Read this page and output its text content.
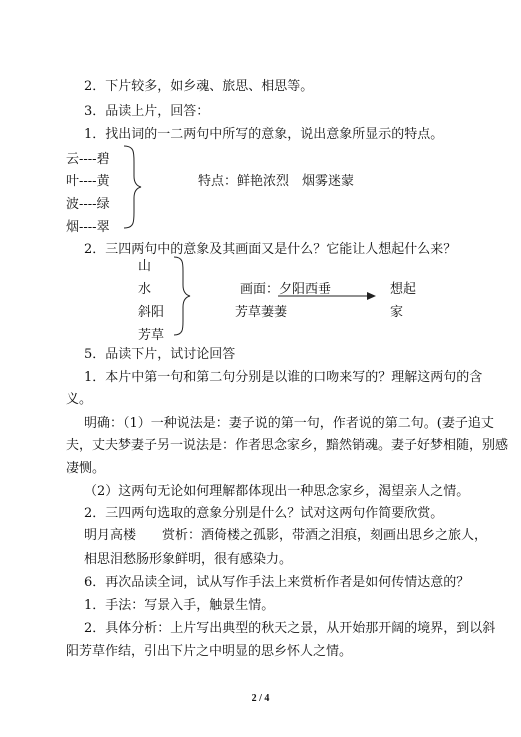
2．下片较多，如乡魂、旅思、相思等。
3．品读上片，回答：
1．找出词的一二两句中所写的意象，说出意象所显示的特点。
云----碧
叶----黄
波----绿
烟----翠
特点：鲜艳浓烈　烟雾迷蒙
2．三四两句中的意象及其画面又是什么？它能让人想起什么来？
山
水
斜阳
芳草
画面：夕阳西垂
芳草萋萋
想起
家
5．品读下片，试讨论回答
1．本片中第一句和第二句分别是以谁的口吻来写的？理解这两句的含
义。
明确：（1）一种说法是：妻子说的第一句，作者说的第二句。(妻子追丈
夫，丈夫梦妻子另一说法是：作者思念家乡，黯然销魂。妻子好梦相随，别感
凄恻。
（2）这两句无论如何理解都体现出一种思念家乡，渴望亲人之情。
2．三四两句选取的意象分别是什么？试对这两句作简要欣赏。
明月高楼　　赏析：酒倚楼之孤影，带酒之泪痕，刻画出思乡之旅人，
相思泪愁肠形象鲜明，很有感染力。
6．再次品读全词，试从写作手法上来赏析作者是如何传情达意的？
1．手法：写景入手，触景生情。
2．具体分析：上片写出典型的秋天之景，从开始那开阔的境界，到以斜
阳芳草作结，引出下片之中明显的思乡怀人之情。
2 / 4
